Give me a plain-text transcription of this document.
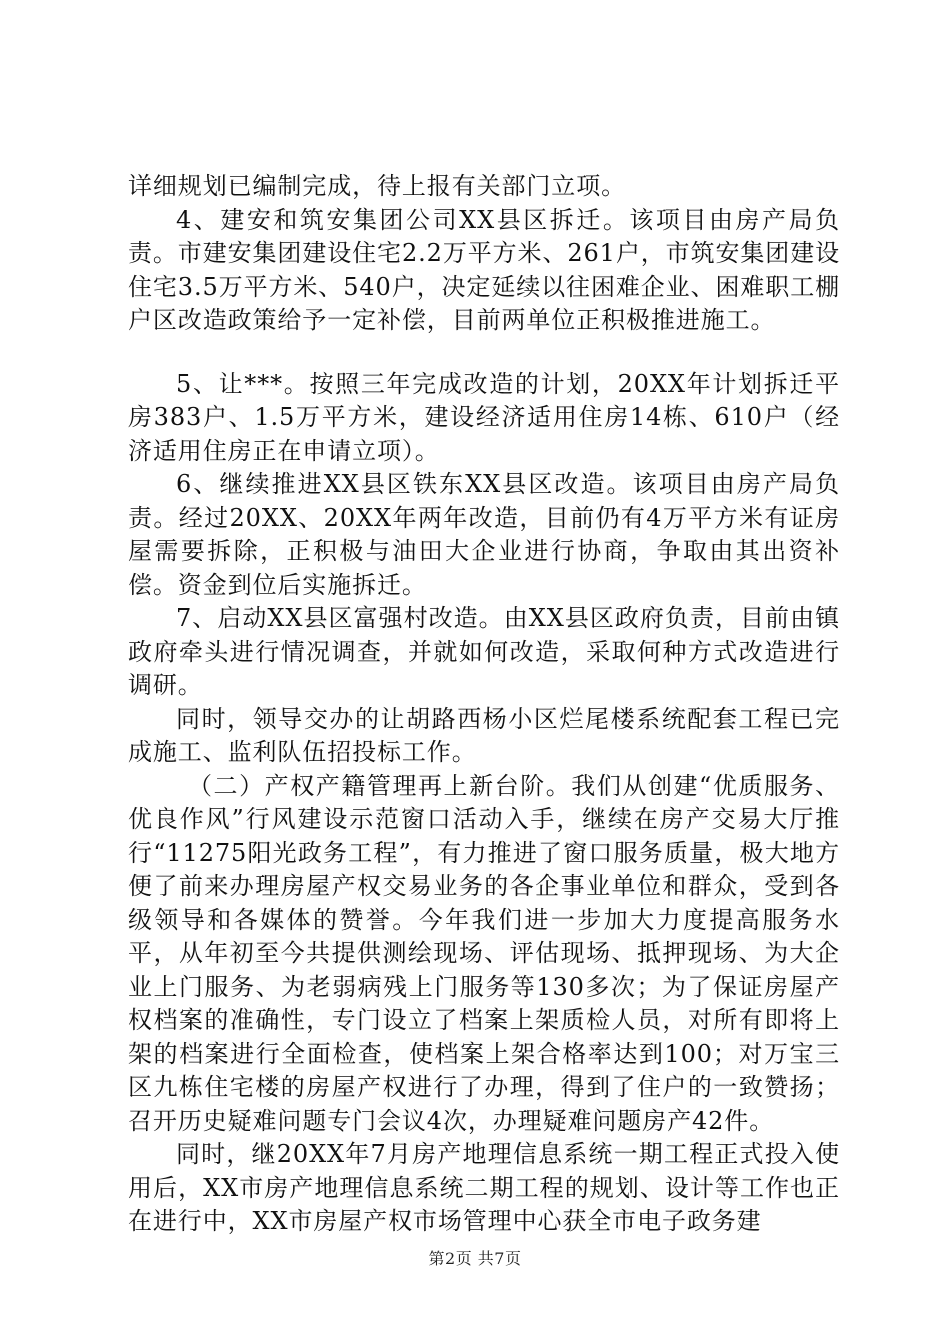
详细规划已编制完成，待上报有关部门立项。

4、建安和筑安集团公司XX县区拆迁。该项目由房产局负责。市建安集团建设住宅2.2万平方米、261户，市筑安集团建设住宅3.5万平方米、540户，决定延续以往困难企业、困难职工棚户区改造政策给予一定补偿，目前两单位正积极推进施工。

5、让***。按照三年完成改造的计划，20XX年计划拆迁平房383户、1.5万平方米，建设经济适用住房14栋、610户（经济适用住房正在申请立项）。

6、继续推进XX县区铁东XX县区改造。该项目由房产局负责。经过20XX、20XX年两年改造，目前仍有4万平方米有证房屋需要拆除，正积极与油田大企业进行协商，争取由其出资补偿。资金到位后实施拆迁。

7、启动XX县区富强村改造。由XX县区政府负责，目前由镇政府牵头进行情况调查，并就如何改造，采取何种方式改造进行调研。

同时，领导交办的让胡路西杨小区烂尾楼系统配套工程已完成施工、监利队伍招投标工作。

（二）产权产籍管理再上新台阶。我们从创建“优质服务、优良作风”行风建设示范窗口活动入手，继续在房产交易大厅推行“11275阳光政务工程”，有力推进了窗口服务质量，极大地方便了前来办理房屋产权交易业务的各企事业单位和群众，受到各级领导和各媒体的赞誉。今年我们进一步加大力度提高服务水平，从年初至今共提供测绘现场、评估现场、抵押现场、为大企业上门服务、为老弱病残上门服务等130多次；为了保证房屋产权档案的准确性，专门设立了档案上架质检人员，对所有即将上架的档案进行全面检查，使档案上架合格率达到100；对万宝三区九栋住宅楼的房屋产权进行了办理，得到了住户的一致赞扬；召开历史疑难问题专门会议4次，办理疑难问题房产42件。

同时，继20XX年7月房产地理信息系统一期工程正式投入使用后，XX市房产地理信息系统二期工程的规划、设计等工作也正在进行中，XX市房屋产权市场管理中心获全市电子政务建

第2页 共7页
